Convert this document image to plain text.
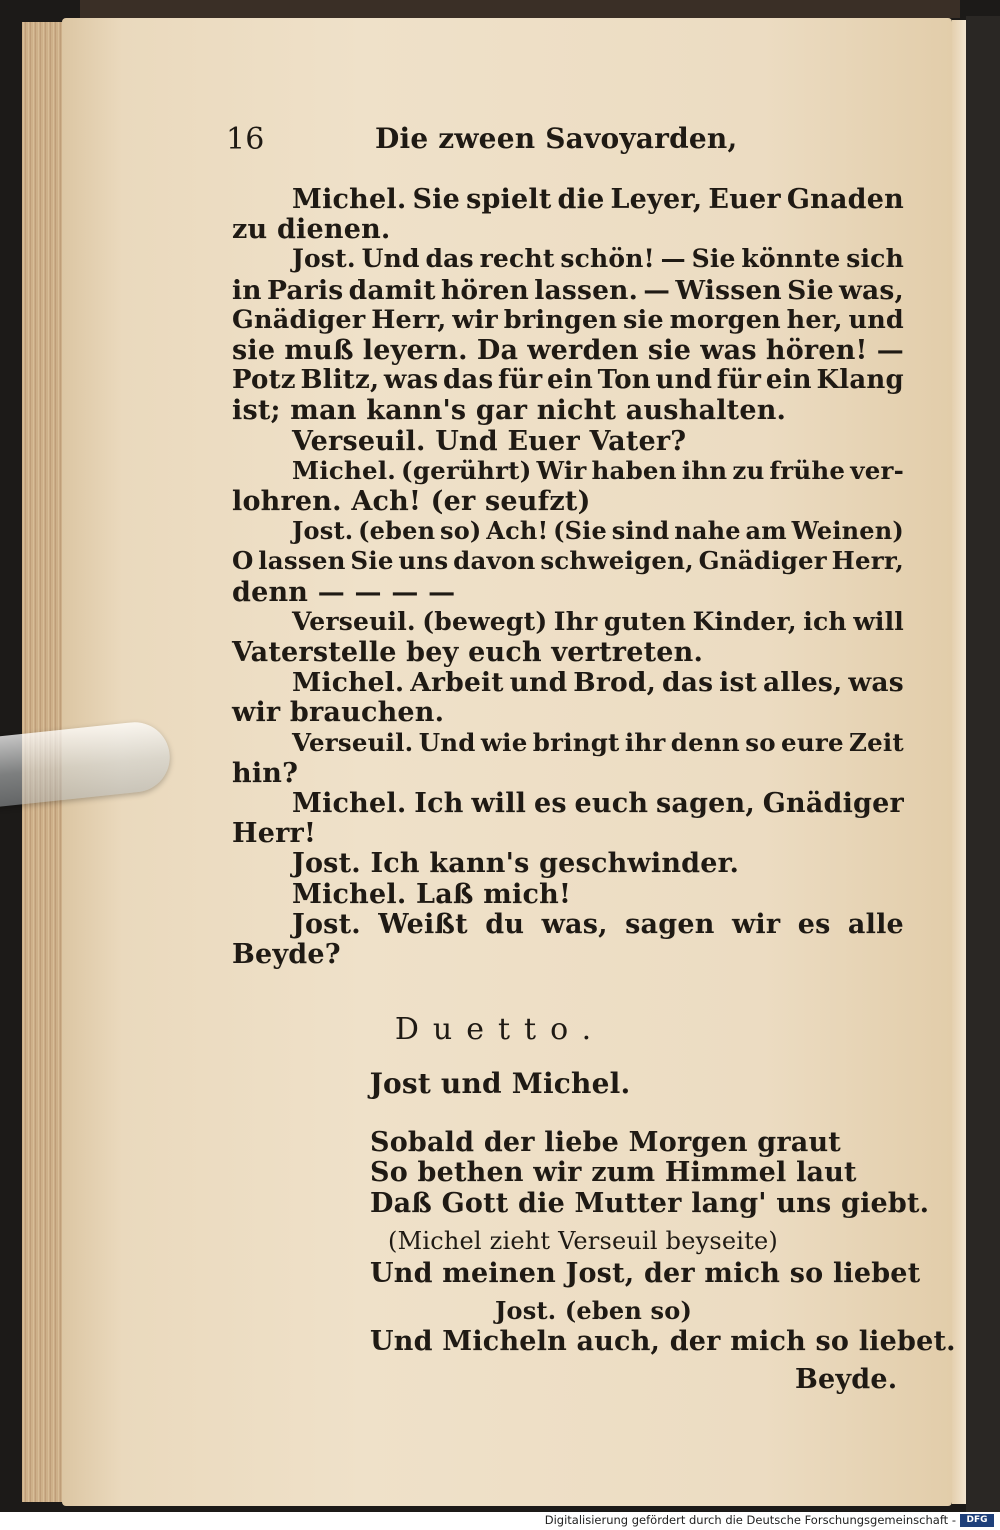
16	Die zween Savoyarden,
Michel. Sie spielt die Leyer, Euer Gnaden
zu dienen.
Jost. Und das recht schön! — Sie könnte sich
in Paris damit hören lassen. — Wissen Sie was,
Gnädiger Herr, wir bringen sie morgen her, und
sie muß leyern. Da werden sie was hören! —
Potz Blitz, was das für ein Ton und für ein Klang
ist; man kann's gar nicht aushalten.
Verseuil. Und Euer Vater?
Michel. (gerührt) Wir haben ihn zu frühe ver-
lohren. Ach! (er seufzt)
Jost. (eben so) Ach! (Sie sind nahe am Weinen)
O lassen Sie uns davon schweigen, Gnädiger Herr,
denn — — — —
Verseuil. (bewegt) Ihr guten Kinder, ich will
Vaterstelle bey euch vertreten.
Michel. Arbeit und Brod, das ist alles, was
wir brauchen.
Verseuil. Und wie bringt ihr denn so eure Zeit
hin?
Michel. Ich will es euch sagen, Gnädiger
Herr!
Jost. Ich kann's geschwinder.
Michel. Laß mich!
Jost. Weißt du was, sagen wir es alle
Beyde?
Duetto.
Jost und Michel.
Sobald der liebe Morgen graut
So bethen wir zum Himmel laut
Daß Gott die Mutter lang' uns giebt.
(Michel zieht Verseuil beyseite)
Und meinen Jost, der mich so liebet
Jost. (eben so)
Und Micheln auch, der mich so liebet.
Beyde.
Digitalisierung gefördert durch die Deutsche Forschungsgemeinschaft -	DFG
